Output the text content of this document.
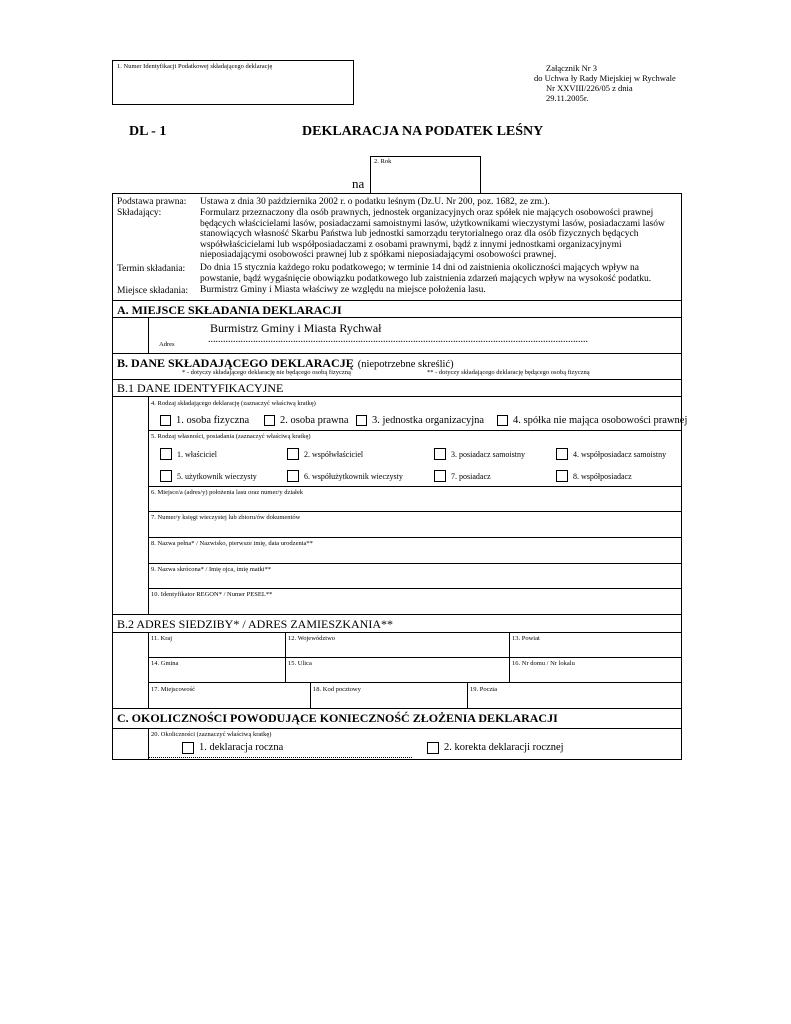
1. Numer Identyfikacji Podatkowej składającego deklarację	Załącznik Nr 3
do Uchwa ły Rady Miejskiej w Rychwale
Nr XXVIII/226/05 z dnia
29.11.2005r.
DL - 1	DEKLARACJA NA PODATEK LEŚNY
na
2. Rok
Podstawa prawna: Ustawa z dnia 30 października 2002 r. o podatku leśnym (Dz.U. Nr 200, poz. 1682, ze zm.).
Składający:	Formularz przeznaczony dla osób prawnych, jednostek organizacyjnych oraz spółek nie mających osobowości prawnej będących właścicielami lasów, posiadaczami samoistnymi lasów, użytkownikami wieczystymi lasów, posiadaczami lasów stanowiących własność Skarbu Państwa lub jednostki samorządu terytorialnego oraz dla osób fizycznych będących współwłaścicielami lub współposiadaczami z osobami prawnymi, bądź z innymi jednostkami organizacyjnymi nieposiadającymi osobowości prawnej lub z spółkami nieposiadającymi osobowości prawnej.
Termin składania: Do dnia 15 stycznia każdego roku podatkowego; w terminie 14 dni od zaistnienia okoliczności mających wpływ na powstanie, bądź wygaśnięcie obowiązku podatkowego lub zaistnienia zdarzeń mających wpływ na wysokość podatku.
Miejsce składania: Burmistrz Gminy i Miasta właściwy ze względu na miejsce położenia lasu.
A. MIEJSCE SKŁADANIA DEKLARACJI
Burmistrz Gminy i Miasta Rychwał
Adres	........................................................................................................................................................
B. DANE SKŁADAJĄCEGO DEKLARACJĘ (niepotrzebne skreślić)
* - dotyczy składającego deklarację nie będącego osobą fizyczną	** - dotyczy składającego deklarację będącego osobą fizyczną
B.1 DANE IDENTYFIKACYJNE
4. Rodzaj składającego deklarację (zaznaczyć właściwą kratkę)
1. osoba fizyczna	2. osoba prawna 3. jednostka organizacyjna	4. spółka nie mająca osobowości prawnej
5. Rodzaj własności, posiadania (zaznaczyć właściwą kratkę)
1. właściciel	2. współwłaściciel	3. posiadacz samoistny	4. współposiadacz samoistny
5. użytkownik wieczysty	6. współużytkownik wieczysty	7. posiadacz	8. współposiadacz
6. Miejsce/a (adres/y) położenia lasu oraz numer/y działek
7. Numer/y księgi wieczystej lub zbioru/ów dokumentów
8. Nazwa pełna* / Nazwisko, pierwsze imię, data urodzenia**
9. Nazwa skrócona* / Imię ojca, imię matki**
10. Identyfikator REGON* / Numer PESEL**
B.2 ADRES SIEDZIBY* / ADRES ZAMIESZKANIA**
11. Kraj	12. Województwo	13. Powiat
14. Gmina	15. Ulica	16. Nr domu / Nr lokalu
17. Miejscowość	18. Kod pocztowy	19. Poczta
C. OKOLICZNOŚCI POWODUJĄCE KONIECZNOŚĆ ZŁOŻENIA DEKLARACJI
20. Okoliczności (zaznaczyć właściwą kratkę)
1. deklaracja roczna	2. korekta deklaracji rocznej
